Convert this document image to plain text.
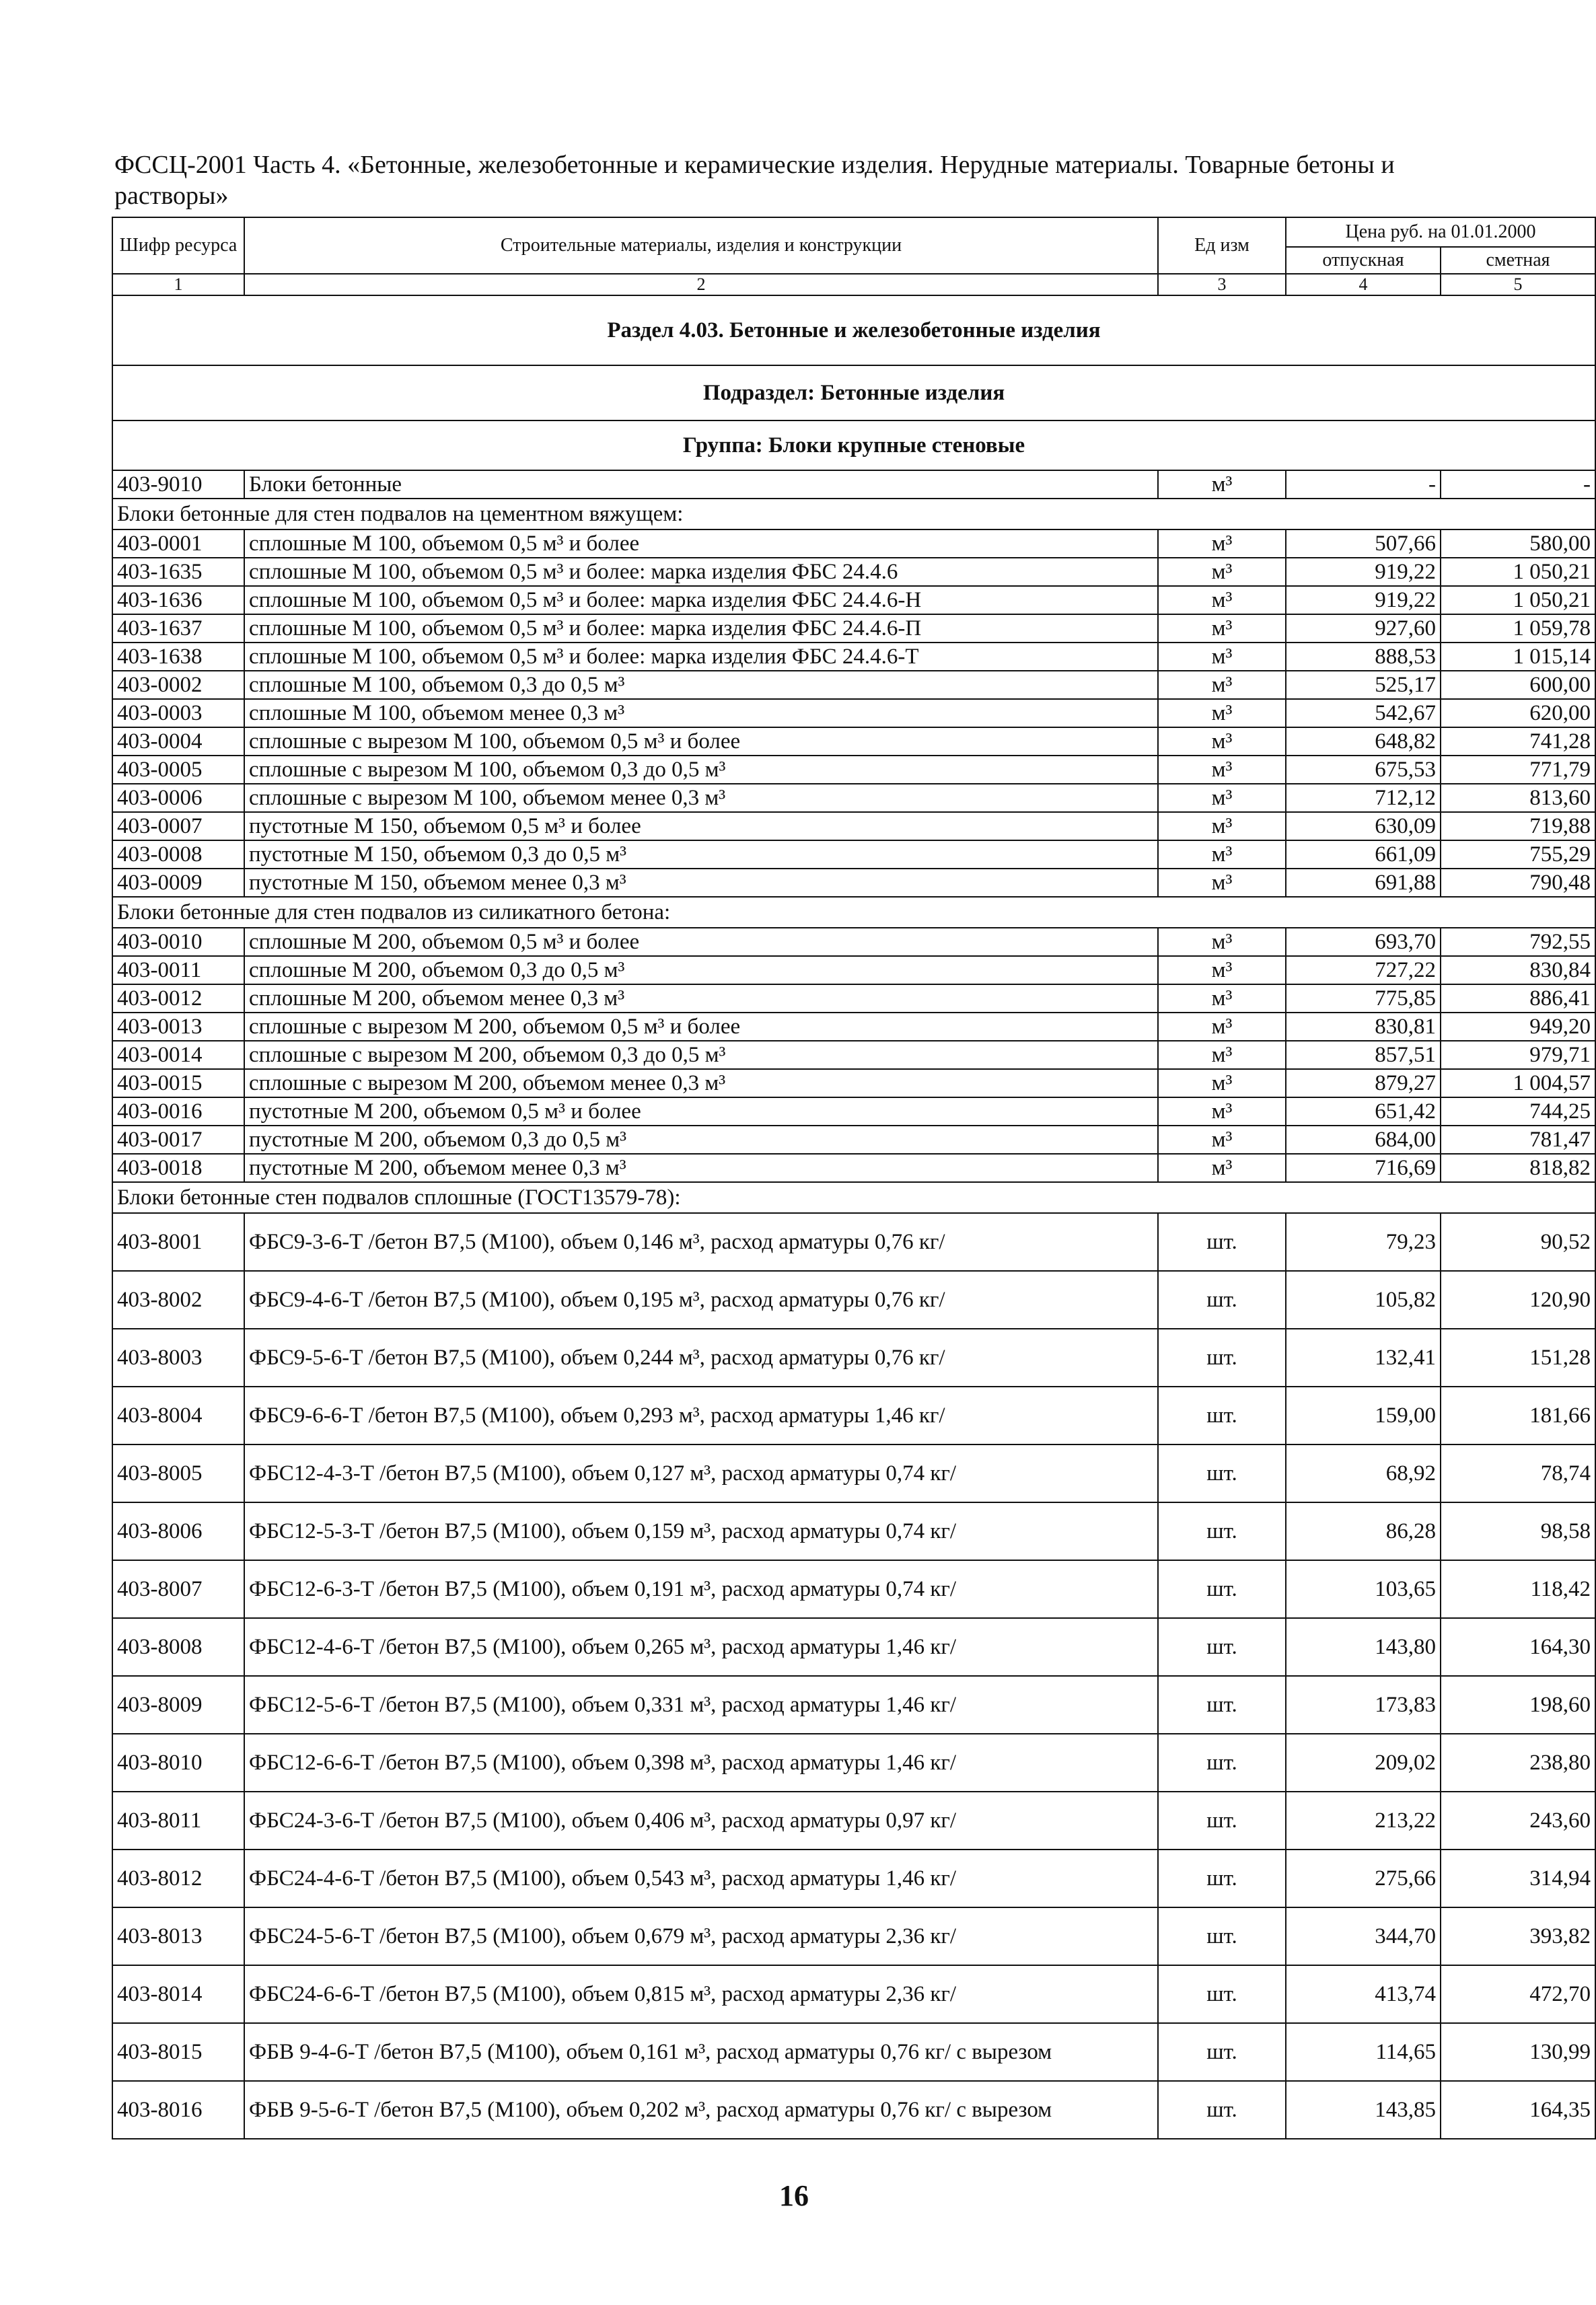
ФССЦ-2001 Часть 4. «Бетонные, железобетонные и керамические изделия. Нерудные материалы. Товарные бетоны и растворы»
Шифр ресурса	Строительные материалы, изделия и конструкции	Ед изм	Цена руб. на 01.01.2000	
			отпускная	сметная
1	2	3	4	5
Раздел 4.03. Бетонные и железобетонные изделия				
Подраздел: Бетонные изделия				
Группа: Блоки крупные стеновые				
403-9010	Блоки бетонные	м³	-	-
Блоки бетонные для стен подвалов на цементном вяжущем:				
403-0001	сплошные М 100, объемом 0,5 м³ и более	м³	507,66	580,00
403-1635	сплошные М 100, объемом 0,5 м³ и более: марка изделия ФБС 24.4.6	м³	919,22	1 050,21
403-1636	сплошные М 100, объемом 0,5 м³ и более: марка изделия ФБС 24.4.6-Н	м³	919,22	1 050,21
403-1637	сплошные М 100, объемом 0,5 м³ и более: марка изделия ФБС 24.4.6-П	м³	927,60	1 059,78
403-1638	сплошные М 100, объемом 0,5 м³ и более: марка изделия ФБС 24.4.6-Т	м³	888,53	1 015,14
403-0002	сплошные М 100, объемом 0,3 до 0,5 м³	м³	525,17	600,00
403-0003	сплошные М 100, объемом менее 0,3 м³	м³	542,67	620,00
403-0004	сплошные с вырезом М 100, объемом 0,5 м³ и более	м³	648,82	741,28
403-0005	сплошные с вырезом М 100, объемом 0,3 до 0,5 м³	м³	675,53	771,79
403-0006	сплошные с вырезом М 100, объемом менее 0,3 м³	м³	712,12	813,60
403-0007	пустотные М 150, объемом 0,5 м³ и более	м³	630,09	719,88
403-0008	пустотные М 150, объемом 0,3 до 0,5 м³	м³	661,09	755,29
403-0009	пустотные М 150, объемом менее 0,3 м³	м³	691,88	790,48
Блоки бетонные для стен подвалов из силикатного бетона:				
403-0010	сплошные М 200, объемом 0,5 м³ и более	м³	693,70	792,55
403-0011	сплошные М 200, объемом 0,3 до 0,5 м³	м³	727,22	830,84
403-0012	сплошные М 200, объемом менее 0,3 м³	м³	775,85	886,41
403-0013	сплошные с вырезом М 200, объемом 0,5 м³ и более	м³	830,81	949,20
403-0014	сплошные с вырезом М 200, объемом 0,3 до 0,5 м³	м³	857,51	979,71
403-0015	сплошные с вырезом М 200, объемом менее 0,3 м³	м³	879,27	1 004,57
403-0016	пустотные М 200, объемом 0,5 м³ и более	м³	651,42	744,25
403-0017	пустотные М 200, объемом 0,3 до 0,5 м³	м³	684,00	781,47
403-0018	пустотные М 200, объемом менее 0,3 м³	м³	716,69	818,82
Блоки бетонные стен подвалов сплошные (ГОСТ13579-78):				
403-8001	ФБС9-3-6-Т /бетон В7,5 (М100), объем 0,146 м³, расход арматуры 0,76 кг/	шт.	79,23	90,52
403-8002	ФБС9-4-6-Т /бетон В7,5 (М100), объем 0,195 м³, расход арматуры 0,76 кг/	шт.	105,82	120,90
403-8003	ФБС9-5-6-Т /бетон В7,5 (М100), объем 0,244 м³, расход арматуры 0,76 кг/	шт.	132,41	151,28
403-8004	ФБС9-6-6-Т /бетон В7,5 (М100), объем 0,293 м³, расход арматуры 1,46 кг/	шт.	159,00	181,66
403-8005	ФБС12-4-3-Т /бетон В7,5 (М100), объем 0,127 м³, расход арматуры 0,74 кг/	шт.	68,92	78,74
403-8006	ФБС12-5-3-Т /бетон В7,5 (М100), объем 0,159 м³, расход арматуры 0,74 кг/	шт.	86,28	98,58
403-8007	ФБС12-6-3-Т /бетон В7,5 (М100), объем 0,191 м³, расход арматуры 0,74 кг/	шт.	103,65	118,42
403-8008	ФБС12-4-6-Т /бетон В7,5 (М100), объем 0,265 м³, расход арматуры 1,46 кг/	шт.	143,80	164,30
403-8009	ФБС12-5-6-Т /бетон В7,5 (М100), объем 0,331 м³, расход арматуры 1,46 кг/	шт.	173,83	198,60
403-8010	ФБС12-6-6-Т /бетон В7,5 (М100), объем 0,398 м³, расход арматуры 1,46 кг/	шт.	209,02	238,80
403-8011	ФБС24-3-6-Т /бетон В7,5 (М100), объем 0,406 м³, расход арматуры 0,97 кг/	шт.	213,22	243,60
403-8012	ФБС24-4-6-Т /бетон В7,5 (М100), объем 0,543 м³, расход арматуры 1,46 кг/	шт.	275,66	314,94
403-8013	ФБС24-5-6-Т /бетон В7,5 (М100), объем 0,679 м³, расход арматуры 2,36 кг/	шт.	344,70	393,82
403-8014	ФБС24-6-6-Т /бетон В7,5 (М100), объем 0,815 м³, расход арматуры 2,36 кг/	шт.	413,74	472,70
403-8015	ФБВ 9-4-6-Т /бетон В7,5 (М100), объем 0,161 м³, расход арматуры 0,76 кг/ с вырезом	шт.	114,65	130,99
403-8016	ФБВ 9-5-6-Т /бетон В7,5 (М100), объем 0,202 м³, расход арматуры 0,76 кг/ с вырезом	шт.	143,85	164,35
16
